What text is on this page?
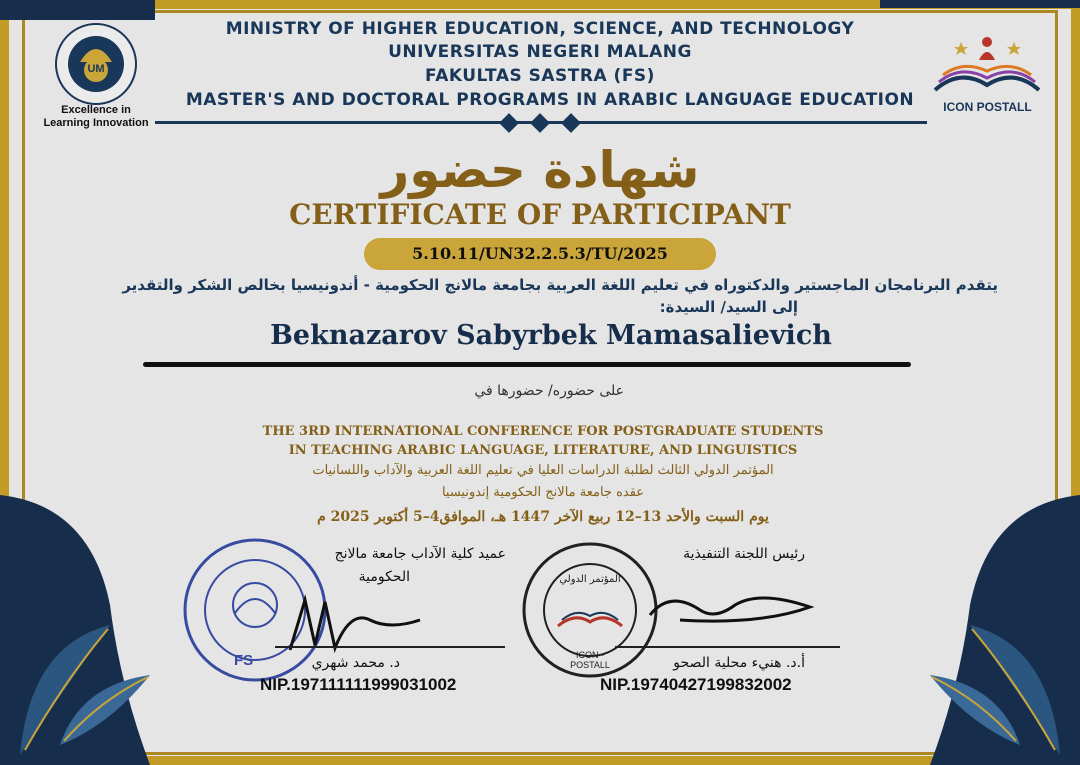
UM
Excellence in
Learning Innovation
ICON POSTALL
MINISTRY OF HIGHER EDUCATION, SCIENCE, AND TECHNOLOGY
UNIVERSITAS NEGERI MALANG
FAKULTAS SASTRA (FS)
MASTER'S AND DOCTORAL PROGRAMS IN ARABIC LANGUAGE EDUCATION
شهادة حضور
CERTIFICATE OF PARTICIPANT
5.10.11/UN32.2.5.3/TU/2025
يتقدم البرنامجان الماجستير والدكتوراه في تعليم اللغة العربية بجامعة مالانج الحكومية - أندونيسيا بخالص الشكر والتقدير
إلى السيد/ السيدة:
Beknazarov Sabyrbek Mamasalievich
على حضوره/ حضورها في
THE 3RD INTERNATIONAL CONFERENCE FOR POSTGRADUATE STUDENTS
IN TEACHING ARABIC LANGUAGE, LITERATURE, AND LINGUISTICS
المؤتمر الدولي الثالث لطلبة الدراسات العليا في تعليم اللغة العربية والآداب واللسانيات
عقده جامعة مالانج الحكومية إندونيسيا
يوم السبت والأحد 13–12 ربيع الآخر 1447 هـ، الموافق4–5 أكتوبر 2025 م
عميد كلية الآداب جامعة مالانج
الحكومية
FS	د. محمد شهري
NIP.197111111999031002
رئيس اللجنة التنفيذية
المؤتمر الدولي
ICON - POSTALL	أ.د. هنيء محلية الصحو
NIP.19740427199832002
